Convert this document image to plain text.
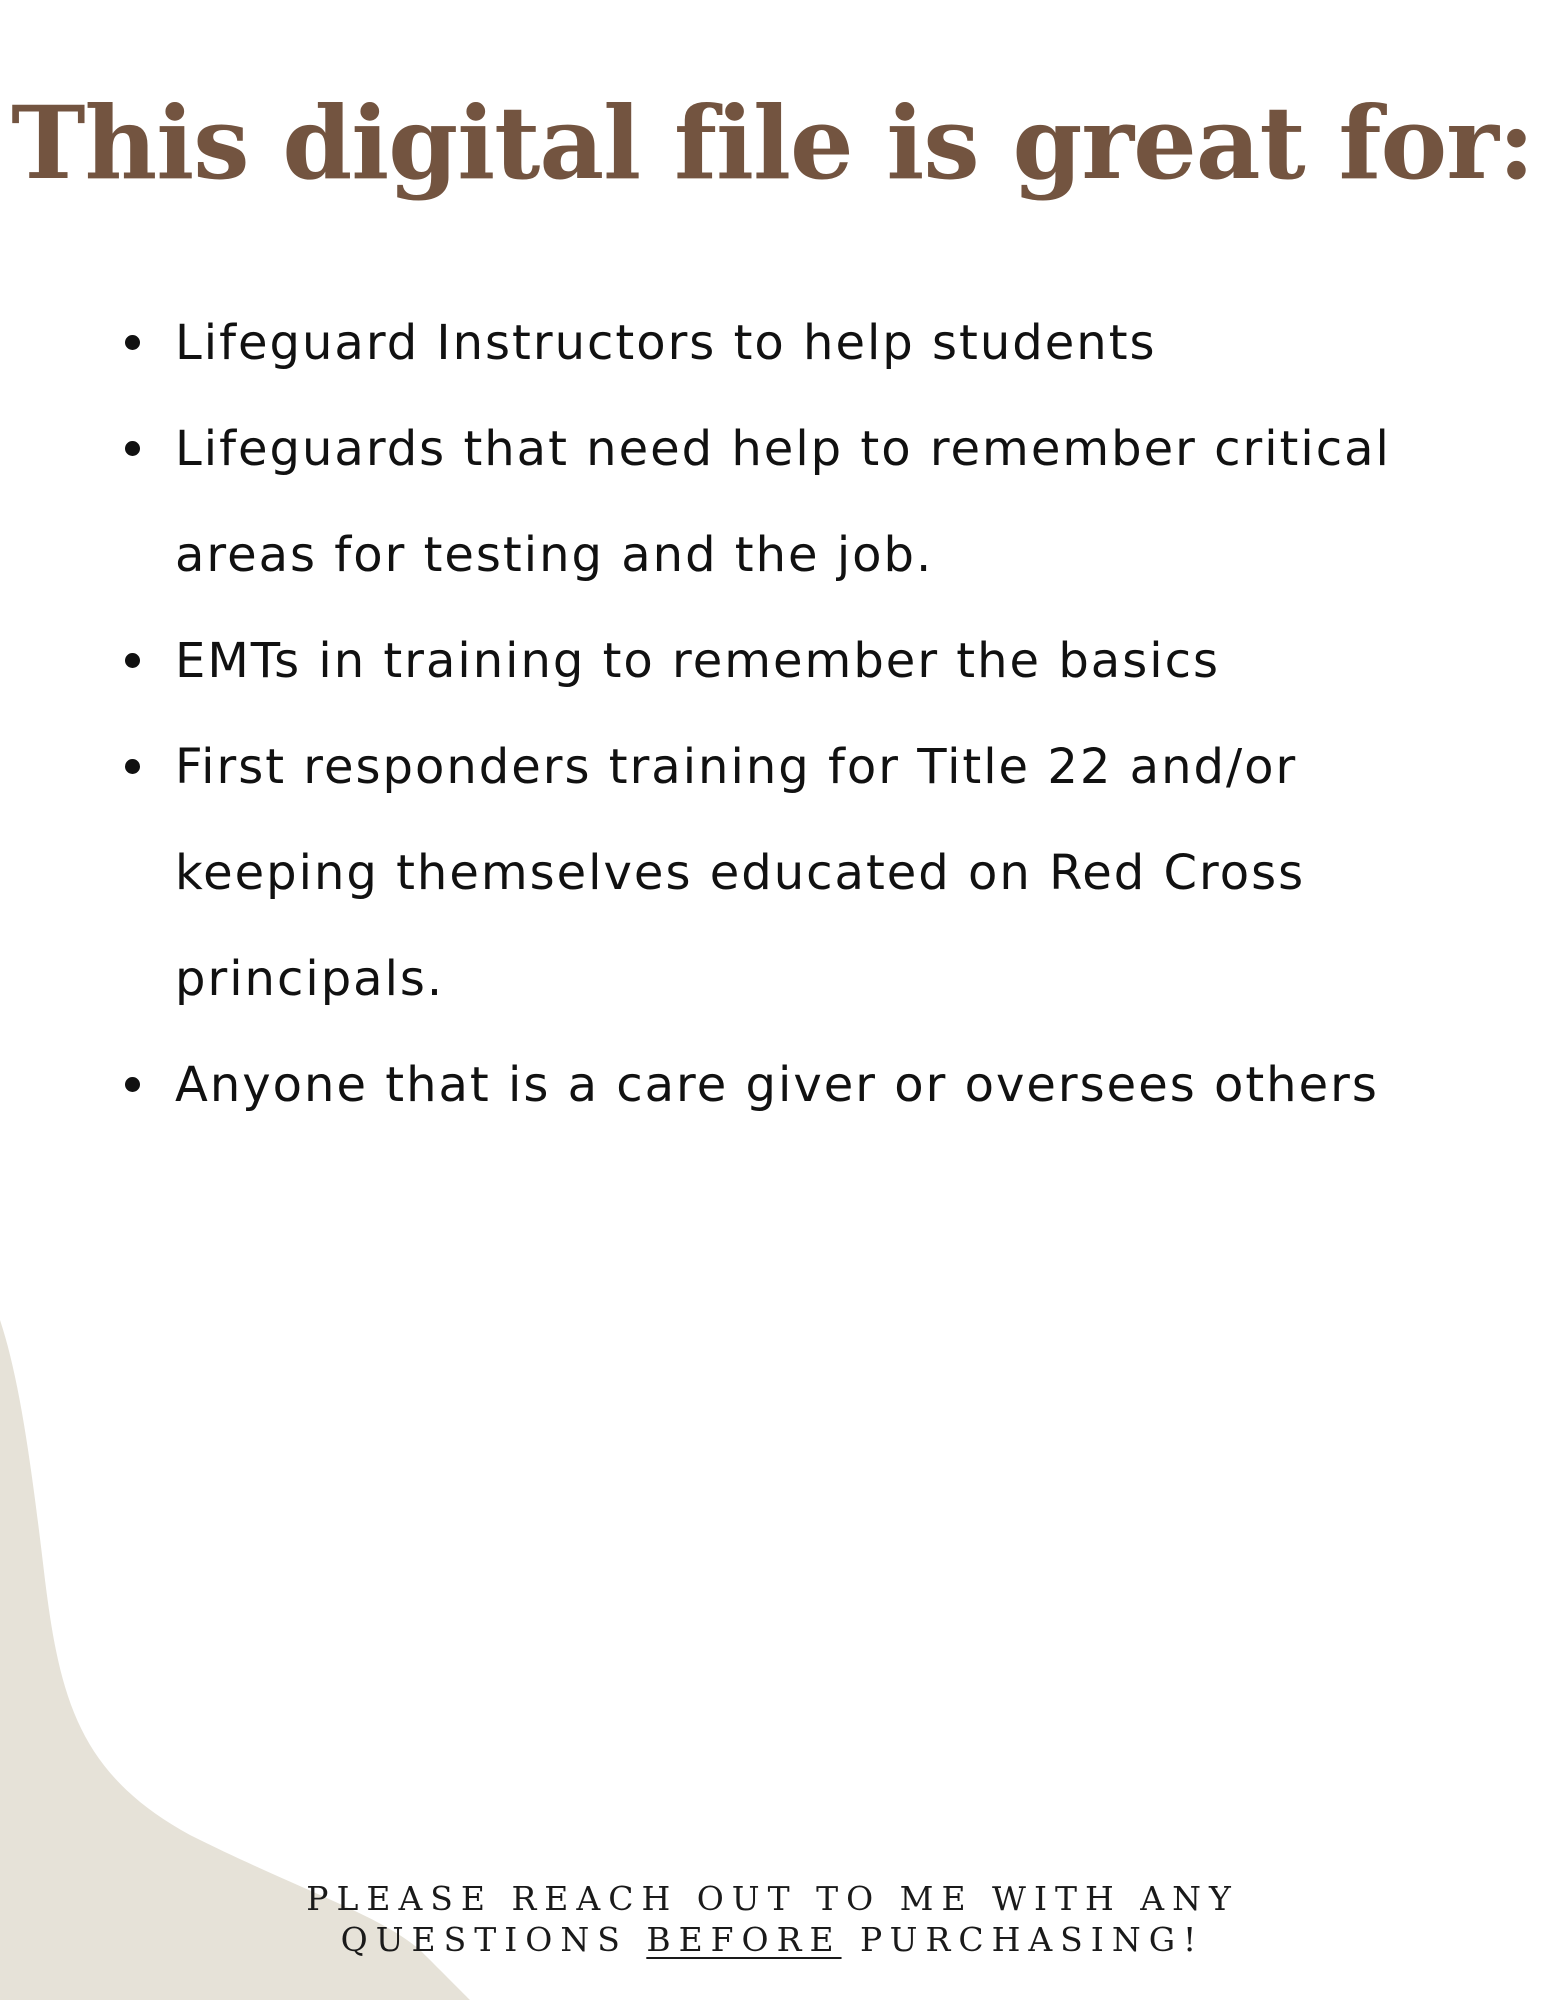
This digital file is great for:
Lifeguard Instructors to help students
Lifeguards that need help to remember critical areas for testing and the job.
EMTs in training to remember the basics
First responders training for Title 22 and/or keeping themselves educated on Red Cross principals.
Anyone that is a care giver or oversees others
PLEASE REACH OUT TO ME WITH ANY
QUESTIONS BEFORE PURCHASING!
